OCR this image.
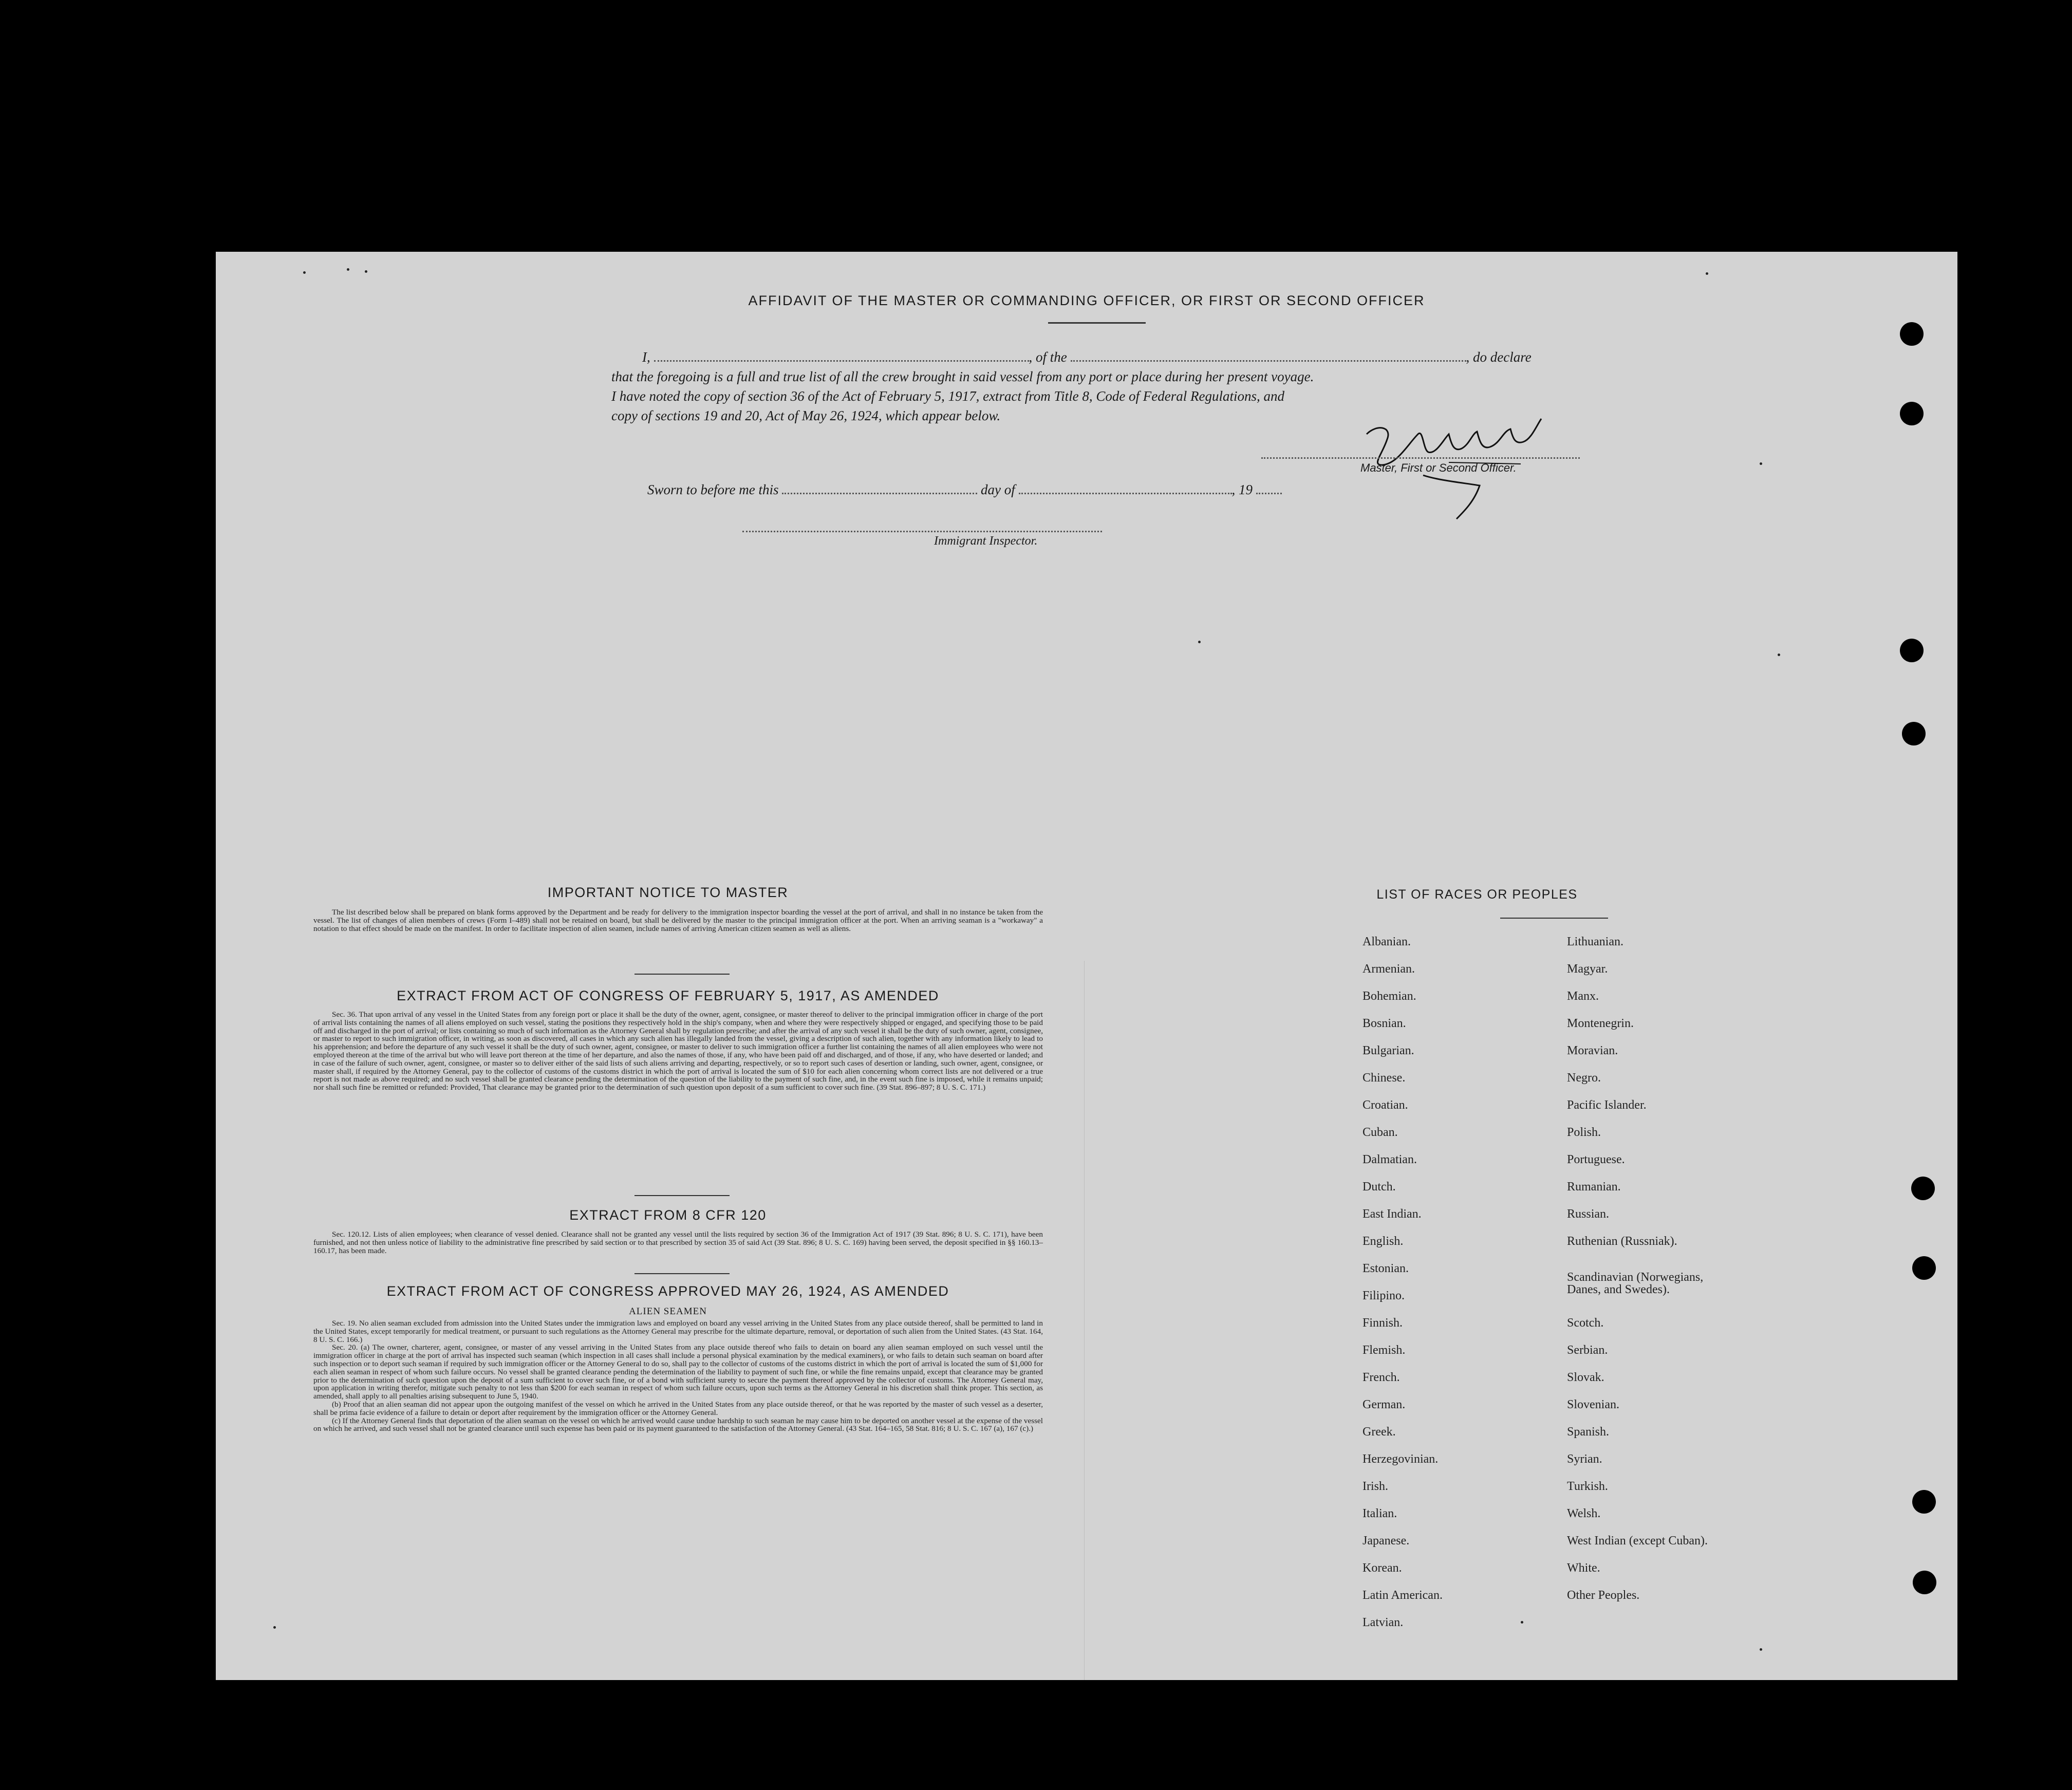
AFFIDAVIT OF THE MASTER OR COMMANDING OFFICER, OR FIRST OR SECOND OFFICER
I,	, of the	, do declare
that the foregoing is a full and true list of all the crew brought in said vessel from any port or place during her present voyage.
I have noted the copy of section 36 of the Act of February 5, 1917, extract from Title 8, Code of Federal Regulations, and
copy of sections 19 and 20, Act of May 26, 1924, which appear below.
Master, First or Second Officer.
Sworn to before me this	day of	, 19
Immigrant Inspector.
IMPORTANT NOTICE TO MASTER

The list described below shall be prepared on blank forms approved by the Department and be ready for delivery to the immigration inspector boarding the vessel at the port of arrival, and shall in no instance be taken from the vessel. The list of changes of alien members of crews (Form I–489) shall not be retained on board, but shall be delivered by the master to the principal immigration officer at the port. When an arriving seaman is a "workaway" a notation to that effect should be made on the manifest. In order to facilitate inspection of alien seamen, include names of arriving American citizen seamen as well as aliens.

EXTRACT FROM ACT OF CONGRESS OF FEBRUARY 5, 1917, AS AMENDED

Sec. 36. That upon arrival of any vessel in the United States from any foreign port or place it shall be the duty of the owner, agent, consignee, or master thereof to deliver to the principal immigration officer in charge of the port of arrival lists containing the names of all aliens employed on such vessel, stating the positions they respectively hold in the ship's company, when and where they were respectively shipped or engaged, and specifying those to be paid off and discharged in the port of arrival; or lists containing so much of such information as the Attorney General shall by regulation prescribe; and after the arrival of any such vessel it shall be the duty of such owner, agent, consignee, or master to report to such immigration officer, in writing, as soon as discovered, all cases in which any such alien has illegally landed from the vessel, giving a description of such alien, together with any information likely to lead to his apprehension; and before the departure of any such vessel it shall be the duty of such owner, agent, consignee, or master to deliver to such immigration officer a further list containing the names of all alien employees who were not employed thereon at the time of the arrival but who will leave port thereon at the time of her departure, and also the names of those, if any, who have been paid off and discharged, and of those, if any, who have deserted or landed; and in case of the failure of such owner, agent, consignee, or master so to deliver either of the said lists of such aliens arriving and departing, respectively, or so to report such cases of desertion or landing, such owner, agent, consignee, or master shall, if required by the Attorney General, pay to the collector of customs of the customs district in which the port of arrival is located the sum of $10 for each alien concerning whom correct lists are not delivered or a true report is not made as above required; and no such vessel shall be granted clearance pending the determination of the question of the liability to the payment of such fine, and, in the event such fine is imposed, while it remains unpaid; nor shall such fine be remitted or refunded: Provided, That clearance may be granted prior to the determination of such question upon deposit of a sum sufficient to cover such fine. (39 Stat. 896–897; 8 U. S. C. 171.)

EXTRACT FROM 8 CFR 120

Sec. 120.12. Lists of alien employees; when clearance of vessel denied. Clearance shall not be granted any vessel until the lists required by section 36 of the Immigration Act of 1917 (39 Stat. 896; 8 U. S. C. 171), have been furnished, and not then unless notice of liability to the administrative fine prescribed by said section or to that prescribed by section 35 of said Act (39 Stat. 896; 8 U. S. C. 169) having been served, the deposit specified in §§ 160.13–160.17, has been made.

EXTRACT FROM ACT OF CONGRESS APPROVED MAY 26, 1924, AS AMENDED
ALIEN SEAMEN

Sec. 19. No alien seaman excluded from admission into the United States under the immigration laws and employed on board any vessel arriving in the United States from any place outside thereof, shall be permitted to land in the United States, except temporarily for medical treatment, or pursuant to such regulations as the Attorney General may prescribe for the ultimate departure, removal, or deportation of such alien from the United States. (43 Stat. 164, 8 U. S. C. 166.)

Sec. 20. (a) The owner, charterer, agent, consignee, or master of any vessel arriving in the United States from any place outside thereof who fails to detain on board any alien seaman employed on such vessel until the immigration officer in charge at the port of arrival has inspected such seaman (which inspection in all cases shall include a personal physical examination by the medical examiners), or who fails to detain such seaman on board after such inspection or to deport such seaman if required by such immigration officer or the Attorney General to do so, shall pay to the collector of customs of the customs district in which the port of arrival is located the sum of $1,000 for each alien seaman in respect of whom such failure occurs. No vessel shall be granted clearance pending the determination of the liability to payment of such fine, or while the fine remains unpaid, except that clearance may be granted prior to the determination of such question upon the deposit of a sum sufficient to cover such fine, or of a bond with sufficient surety to secure the payment thereof approved by the collector of customs. The Attorney General may, upon application in writing therefor, mitigate such penalty to not less than $200 for each seaman in respect of whom such failure occurs, upon such terms as the Attorney General in his discretion shall think proper. This section, as amended, shall apply to all penalties arising subsequent to June 5, 1940.

(b) Proof that an alien seaman did not appear upon the outgoing manifest of the vessel on which he arrived in the United States from any place outside thereof, or that he was reported by the master of such vessel as a deserter, shall be prima facie evidence of a failure to detain or deport after requirement by the immigration officer or the Attorney General.

(c) If the Attorney General finds that deportation of the alien seaman on the vessel on which he arrived would cause undue hardship to such seaman he may cause him to be deported on another vessel at the expense of the vessel on which he arrived, and such vessel shall not be granted clearance until such expense has been paid or its payment guaranteed to the satisfaction of the Attorney General. (43 Stat. 164–165, 58 Stat. 816; 8 U. S. C. 167 (a), 167 (c).)

LIST OF RACES OR PEOPLES
Albanian.
Armenian.
Bohemian.
Bosnian.
Bulgarian.
Chinese.
Croatian.
Cuban.
Dalmatian.
Dutch.
East Indian.
English.
Estonian.
Filipino.
Finnish.
Flemish.
French.
German.
Greek.
Herzegovinian.
Irish.
Italian.
Japanese.
Korean.
Latin American.
Latvian.
Lithuanian.
Magyar.
Manx.
Montenegrin.
Moravian.
Negro.
Pacific Islander.
Polish.
Portuguese.
Rumanian.
Russian.
Ruthenian (Russniak).
Scandinavian (Norwegians, Danes, and Swedes).
Scotch.
Serbian.
Slovak.
Slovenian.
Spanish.
Syrian.
Turkish.
Welsh.
West Indian (except Cuban).
White.
Other Peoples.
